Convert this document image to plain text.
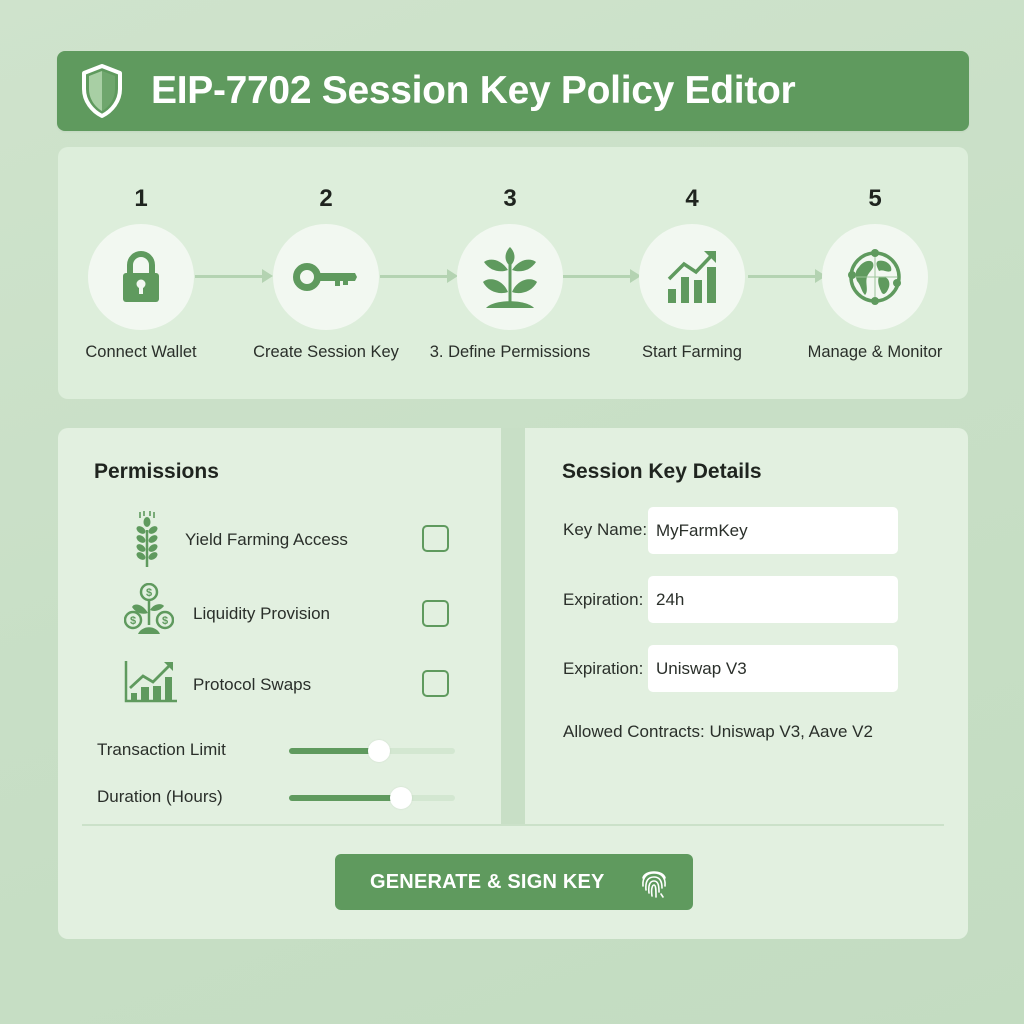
EIP-7702 Session Key Policy Editor
1
Connect Wallet
2
Create Session Key
3
3. Define Permissions
4
Start Farming
5
Manage & Monitor
Permissions
Yield Farming Access
$
$ $ Liquidity Provision
Protocol Swaps
Transaction Limit
Duration (Hours)
Session Key Details
Key Name: MyFarmKey
Expiration: 24h
Expiration: Uniswap V3
Allowed Contracts: Uniswap V3, Aave V2
GENERATE & SIGN KEY
